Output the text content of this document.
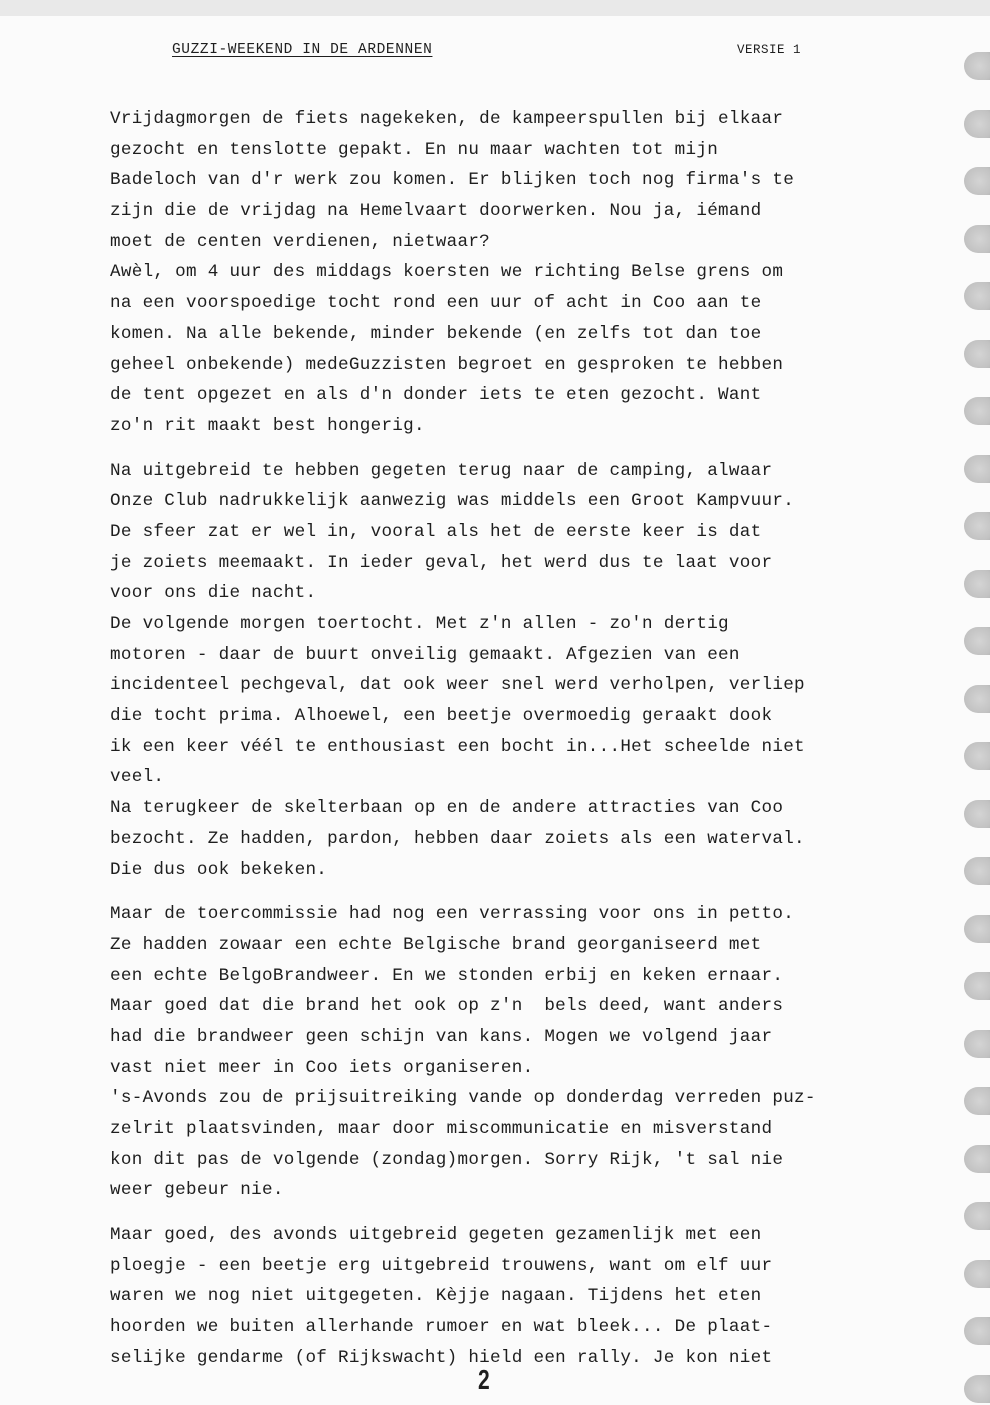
GUZZI-WEEKEND IN DE ARDENNEN	VERSIE 1
Vrijdagmorgen de fiets nagekeken, de kampeerspullen bij elkaar
gezocht en tenslotte gepakt. En nu maar wachten tot mijn
Badeloch van d'r werk zou komen. Er blijken toch nog firma's te
zijn die de vrijdag na Hemelvaart doorwerken. Nou ja, iémand
moet de centen verdienen, nietwaar?
Awèl, om 4 uur des middags koersten we richting Belse grens om
na een voorspoedige tocht rond een uur of acht in Coo aan te
komen. Na alle bekende, minder bekende (en zelfs tot dan toe
geheel onbekende) medeGuzzisten begroet en gesproken te hebben
de tent opgezet en als d'n donder iets te eten gezocht. Want
zo'n rit maakt best hongerig.
Na uitgebreid te hebben gegeten terug naar de camping, alwaar
Onze Club nadrukkelijk aanwezig was middels een Groot Kampvuur.
De sfeer zat er wel in, vooral als het de eerste keer is dat
je zoiets meemaakt. In ieder geval, het werd dus te laat voor
voor ons die nacht.
De volgende morgen toertocht. Met z'n allen - zo'n dertig
motoren - daar de buurt onveilig gemaakt. Afgezien van een
incidenteel pechgeval, dat ook weer snel werd verholpen, verliep
die tocht prima. Alhoewel, een beetje overmoedig geraakt dook
ik een keer véél te enthousiast een bocht in...Het scheelde niet
veel.
Na terugkeer de skelterbaan op en de andere attracties van Coo
bezocht. Ze hadden, pardon, hebben daar zoiets als een waterval.
Die dus ook bekeken.
Maar de toercommissie had nog een verrassing voor ons in petto.
Ze hadden zowaar een echte Belgische brand georganiseerd met
een echte BelgoBrandweer. En we stonden erbij en keken ernaar.
Maar goed dat die brand het ook op z'n  bels deed, want anders
had die brandweer geen schijn van kans. Mogen we volgend jaar
vast niet meer in Coo iets organiseren.
's-Avonds zou de prijsuitreiking vande op donderdag verreden puz-
zelrit plaatsvinden, maar door miscommunicatie en misverstand
kon dit pas de volgende (zondag)morgen. Sorry Rijk, 't sal nie
weer gebeur nie.
Maar goed, des avonds uitgebreid gegeten gezamenlijk met een
ploegje - een beetje erg uitgebreid trouwens, want om elf uur
waren we nog niet uitgegeten. Kèjje nagaan. Tijdens het eten
hoorden we buiten allerhande rumoer en wat bleek... De plaat-
selijke gendarme (of Rijkswacht) hield een rally. Je kon niet
2
